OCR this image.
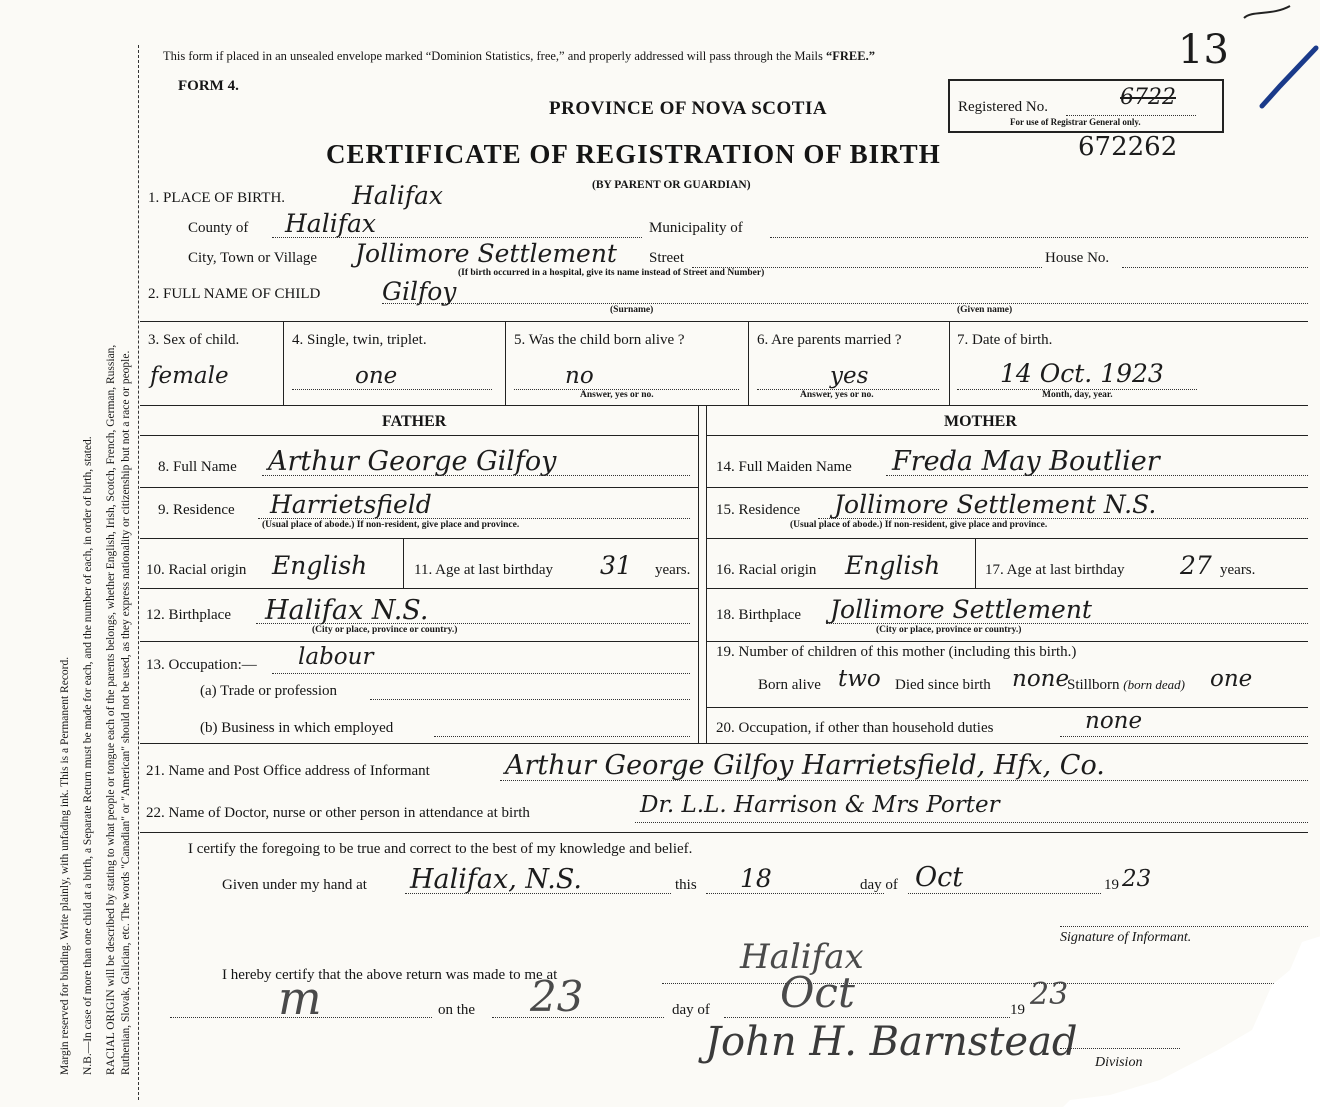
Margin reserved for binding. Write plainly, with unfading ink. This is a Permanent Record. N.B.—In case of more than one child at a birth, a Separate Return must be made for each, and the number of each, in order of birth, stated. RACIAL ORIGIN will be described by stating to what people or tongue each of the parents belongs, whether English, Irish, Scotch, French, German, Russian, Ruthenian, Slovak, Galician, etc. The words "Canadian" or "American" should not be used, as they express nationality or citizenship but not a race or people.
This form if placed in an unsealed envelope marked “Dominion Statistics, free,” and properly addressed will pass through the Mails “FREE.”
FORM 4.
PROVINCE OF NOVA SCOTIA
CERTIFICATE OF REGISTRATION OF BIRTH
(BY PARENT OR GUARDIAN)
Registered No.
For use of Registrar General only.
6722
13
672262
1. PLACE OF BIRTH.	Halifax
County of Halifax	Municipality of
City, Town or Village Jollimore Settlement Street	House No.
(If birth occurred in a hospital, give its name instead of Street and Number)
2. FULL NAME OF CHILD Gilfoy
(Surname)	(Given name)
3. Sex of child.
female
4. Single, twin, triplet.
one
5. Was the child born alive ?
no
Answer, yes or no.
6. Are parents married ?
yes
Answer, yes or no.
7. Date of birth.
14 Oct. 1923
Month, day, year.
FATHER	MOTHER
8. Full Name Arthur George Gilfoy
9. Residence Harrietsfield
(Usual place of abode.) If non-resident, give place and province.
10. Racial origin English	11. Age at last birthday 31 years.
12. Birthplace Halifax N.S.
(City or place, province or country.)
13. Occupation:— labour
(a) Trade or profession
(b) Business in which employed
14. Full Maiden Name Freda May Boutlier
15. Residence Jollimore Settlement N.S.
(Usual place of abode.) If non-resident, give place and province.
16. Racial origin English	17. Age at last birthday 27 years.
18. Birthplace Jollimore Settlement
(City or place, province or country.)
19. Number of children of this mother (including this birth.)
Born alive two Died since birth none
Stillborn (born dead) one
20. Occupation, if other than household duties	none
21. Name and Post Office address of Informant	Arthur George Gilfoy Harrietsfield, Hfx, Co.
22. Name of Doctor, nurse or other person in attendance at birth	Dr. L.L. Harrison & Mrs Porter
I certify the foregoing to be true and correct to the best of my knowledge and belief.
Given under my hand at Halifax, N.S.	this 18	day of Oct	19 23
Signature of Informant.
I hereby certify that the above return was made to me at	Halifax
m	on the 23	day of Oct	19 23
John H. Barnstead Division
